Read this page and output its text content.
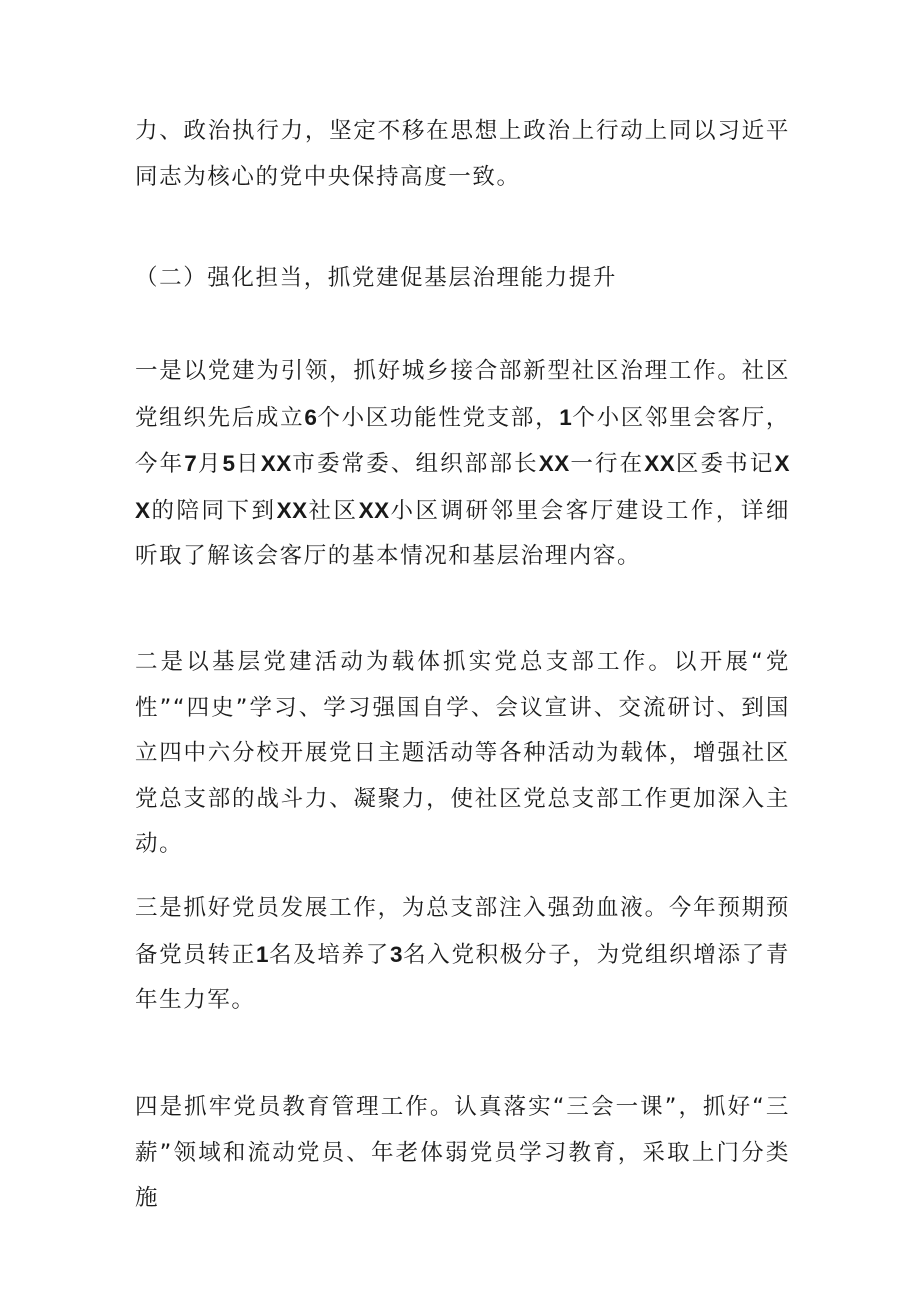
力、政治执行力，坚定不移在思想上政治上行动上同以习近平同志为核心的党中央保持高度一致。

（二）强化担当，抓党建促基层治理能力提升

一是以党建为引领，抓好城乡接合部新型社区治理工作。社区党组织先后成立6个小区功能性党支部，1个小区邻里会客厅，今年7月5日XX市委常委、组织部部长XX一行在XX区委书记XX的陪同下到XX社区XX小区调研邻里会客厅建设工作，详细听取了解该会客厅的基本情况和基层治理内容。

二是以基层党建活动为载体抓实党总支部工作。以开展“党性”“四史”学习、学习强国自学、会议宣讲、交流研讨、到国立四中六分校开展党日主题活动等各种活动为载体，增强社区党总支部的战斗力、凝聚力，使社区党总支部工作更加深入主动。

三是抓好党员发展工作，为总支部注入强劲血液。今年预期预备党员转正1名及培养了3名入党积极分子，为党组织增添了青年生力军。

四是抓牢党员教育管理工作。认真落实“三会一课”，抓好“三薪”领域和流动党员、年老体弱党员学习教育，采取上门分类施
